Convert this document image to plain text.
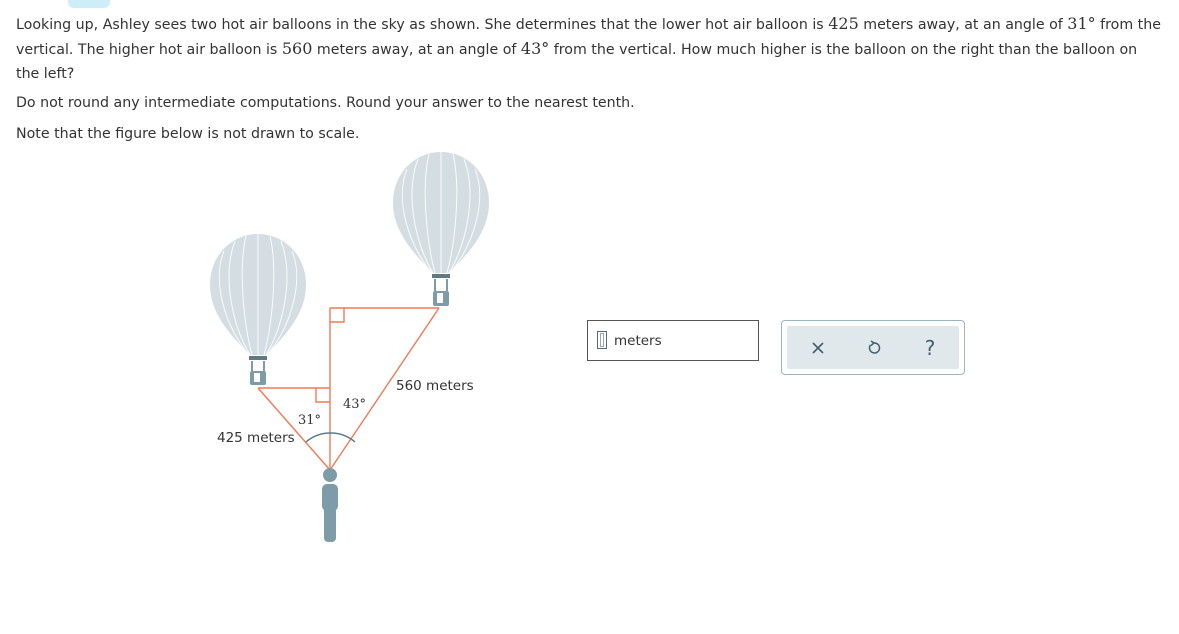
Looking up, Ashley sees two hot air balloons in the sky as shown. She determines that the lower hot air balloon is 425 meters away, at an angle of 31° from the vertical. The higher hot air balloon is 560 meters away, at an angle of 43° from the vertical. How much higher is the balloon on the right than the balloon on the left?

Do not round any intermediate computations. Round your answer to the nearest tenth.

Note that the figure below is not drawn to scale.

31°
43°
425 meters
560 meters
meters	?
